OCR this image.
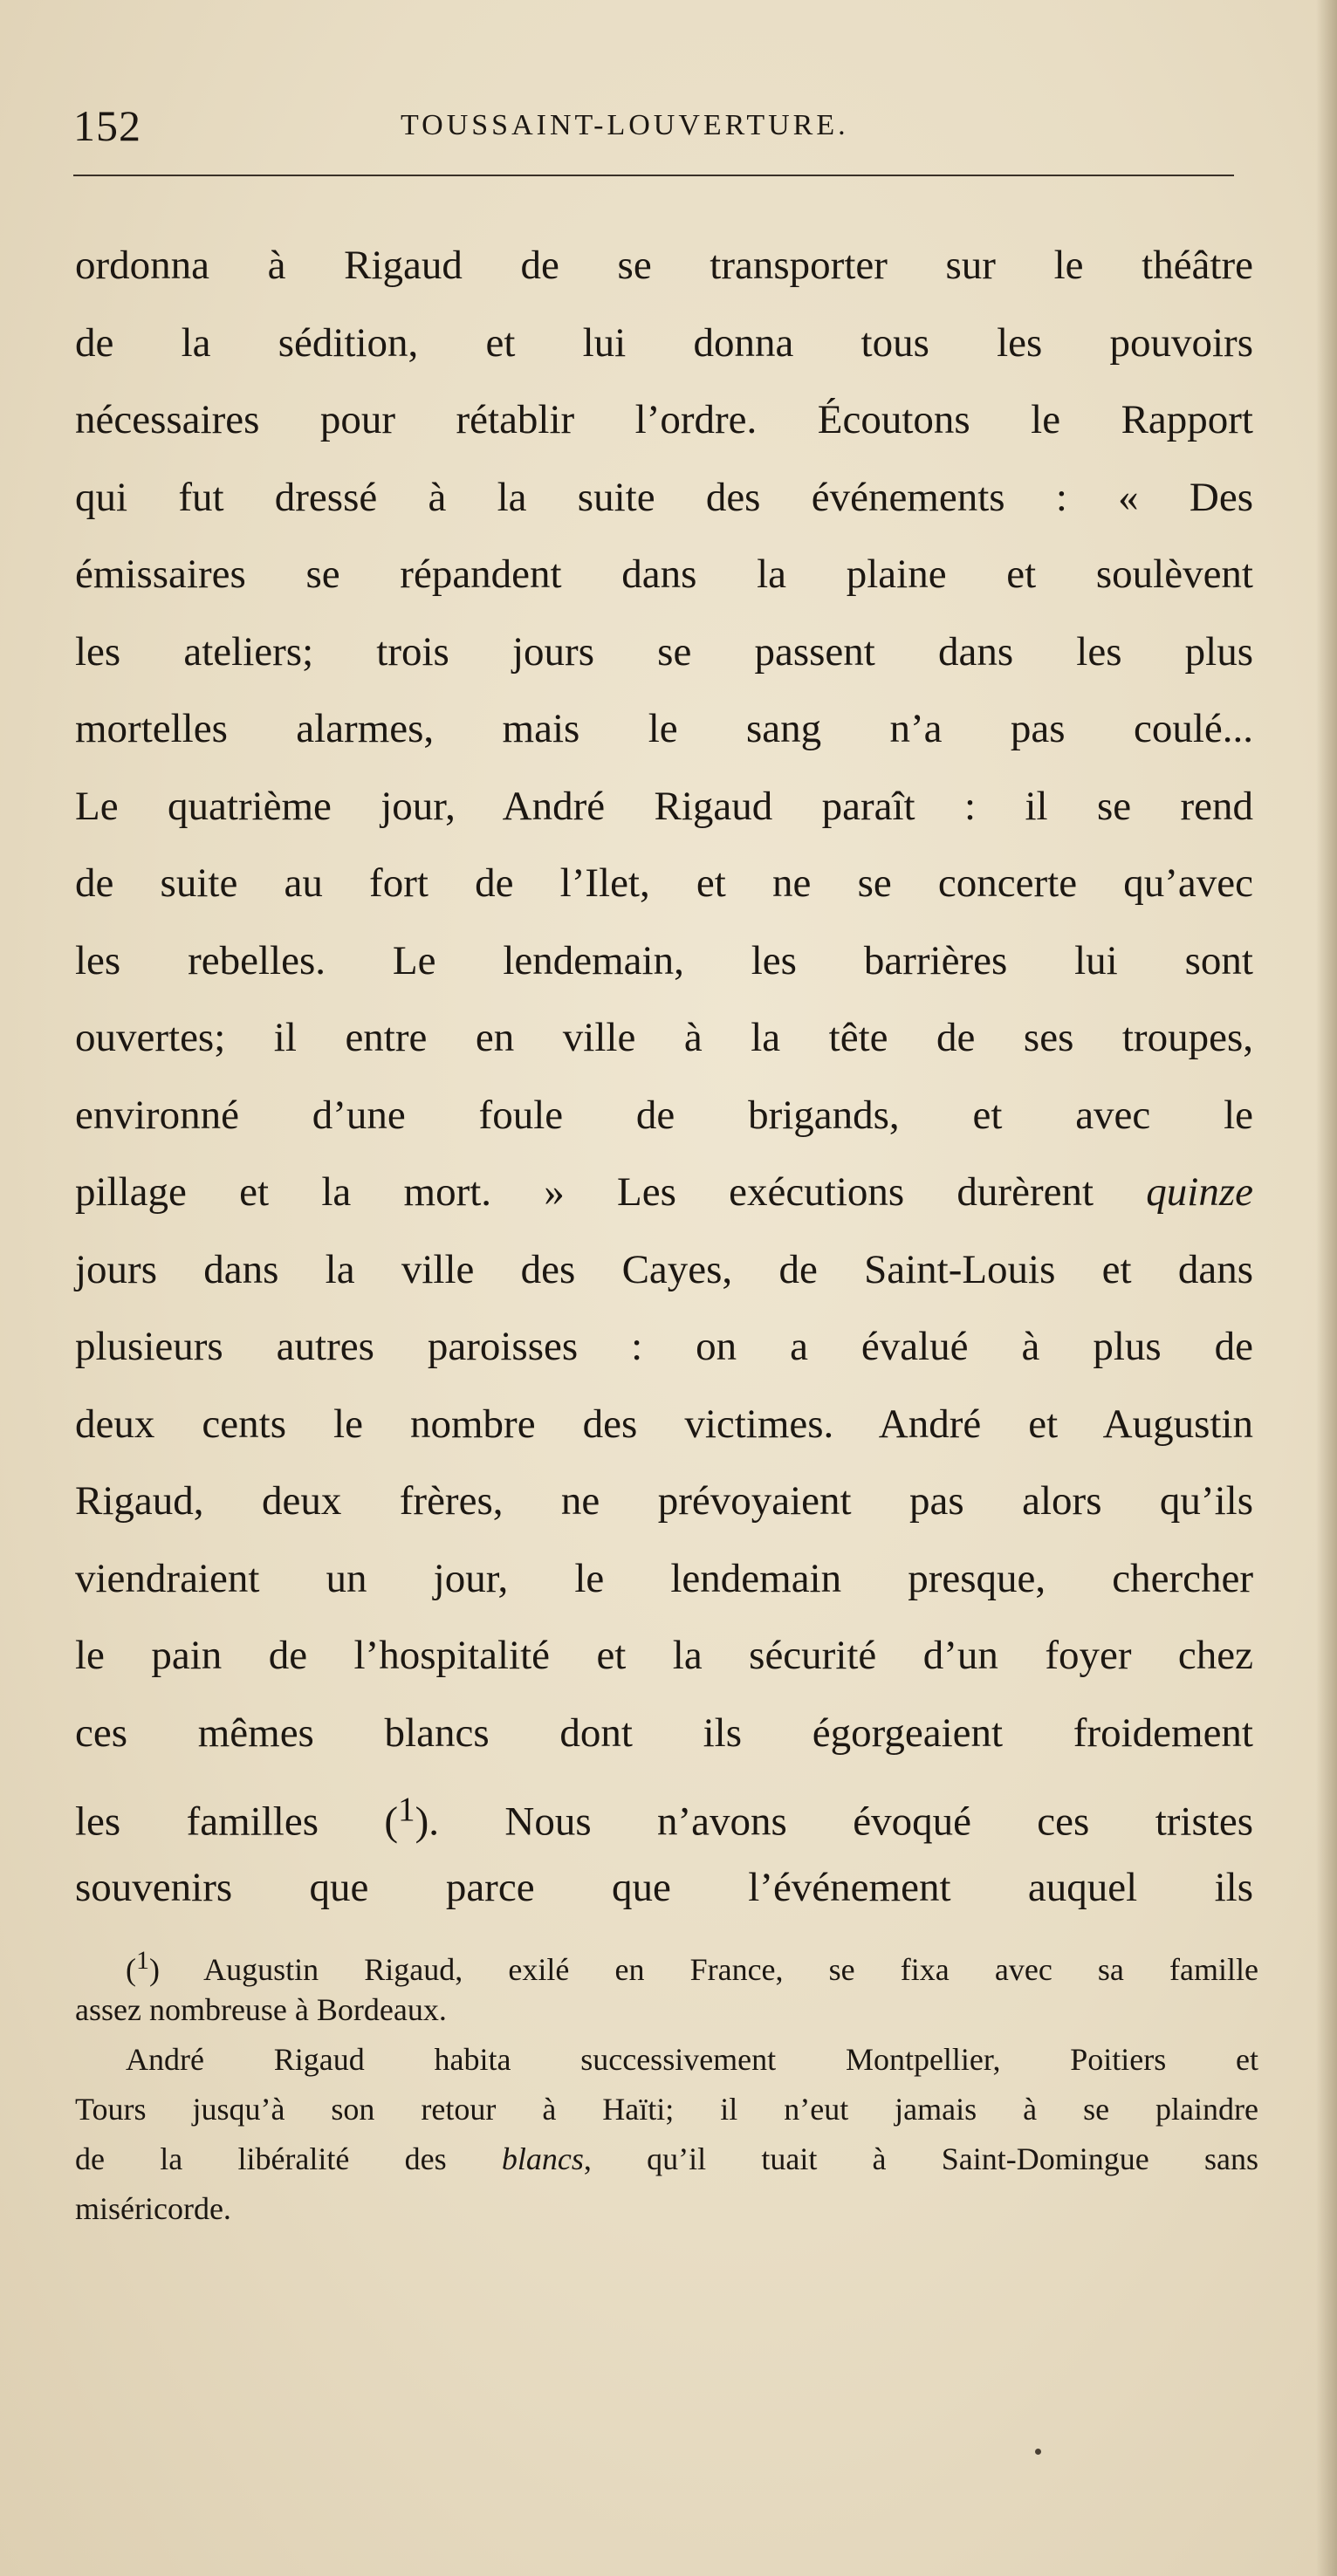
152	TOUSSAINT-LOUVERTURE.
ordonna à Rigaud de se transporter sur le théâtre
de la sédition, et lui donna tous les pouvoirs
nécessaires pour rétablir l’ordre. Écoutons le Rapport
qui fut dressé à la suite des événements : « Des
émissaires se répandent dans la plaine et soulèvent
les ateliers; trois jours se passent dans les plus
mortelles alarmes, mais le sang n’a pas coulé...
Le quatrième jour, André Rigaud paraît : il se rend
de suite au fort de l’Ilet, et ne se concerte qu’avec
les rebelles. Le lendemain, les barrières lui sont
ouvertes; il entre en ville à la tête de ses troupes,
environné d’une foule de brigands, et avec le
pillage et la mort. » Les exécutions durèrent quinze
jours dans la ville des Cayes, de Saint-Louis et dans
plusieurs autres paroisses : on a évalué à plus de
deux cents le nombre des victimes. André et Augustin
Rigaud, deux frères, ne prévoyaient pas alors qu’ils
viendraient un jour, le lendemain presque, chercher
le pain de l’hospitalité et la sécurité d’un foyer chez
ces mêmes blancs dont ils égorgeaient froidement
les familles ($^1$). Nous n’avons évoqué ces tristes
souvenirs que parce que l’événement auquel ils
($^1$) Augustin Rigaud, exilé en France, se fixa avec sa famille
assez nombreuse à Bordeaux.
André Rigaud habita successivement Montpellier, Poitiers et
Tours jusqu’à son retour à Haïti; il n’eut jamais à se plaindre
de la libéralité des blancs, qu’il tuait à Saint-Domingue sans
miséricorde.
